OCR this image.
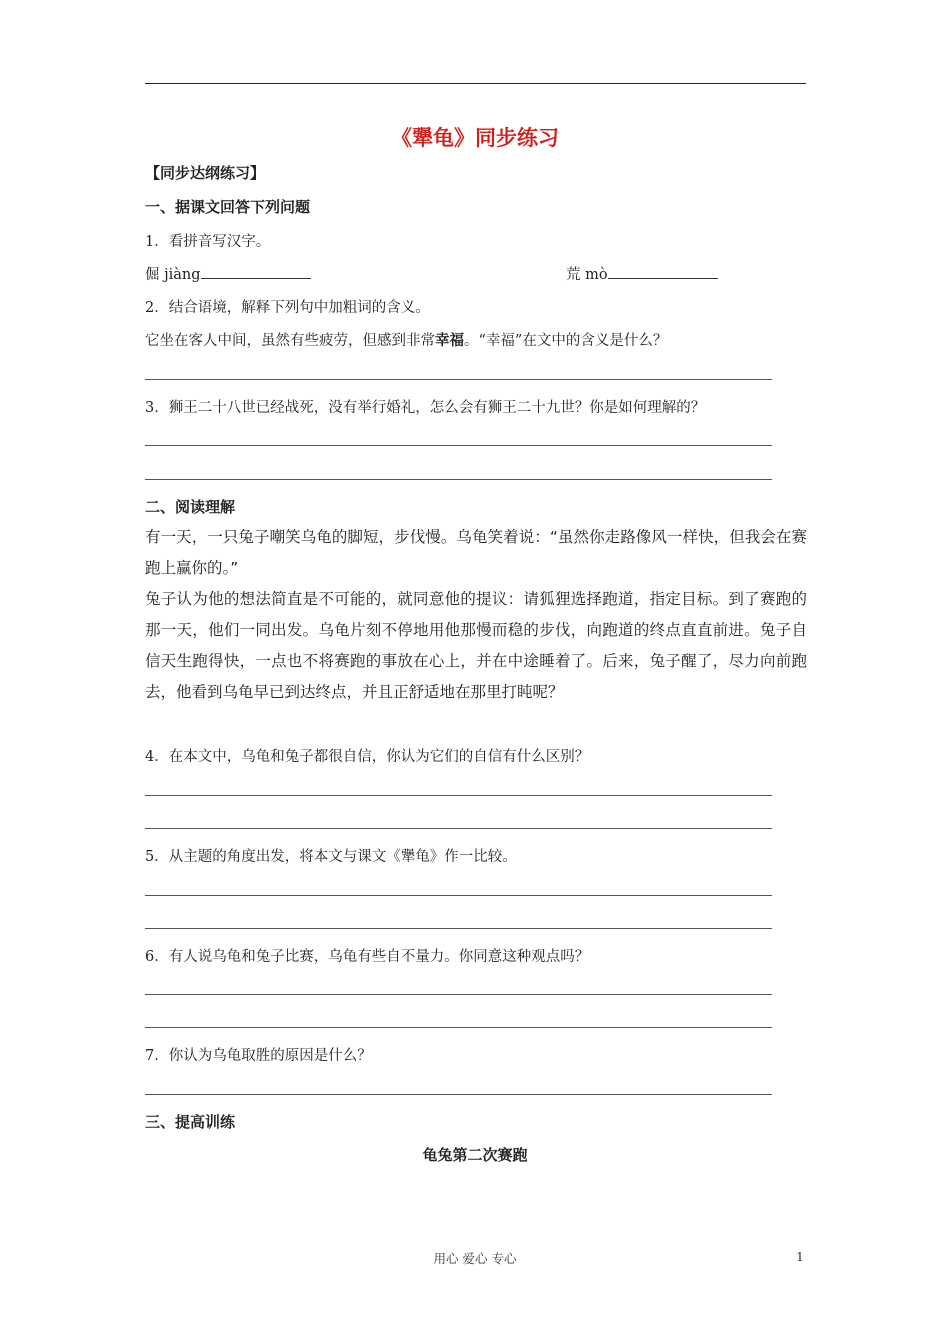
《犟龟》同步练习
【同步达纲练习】
一、据课文回答下列问题
1．看拼音写汉字。
倔 jiàng	荒 mò
2．结合语境，解释下列句中加粗词的含义。
它坐在客人中间，虽然有些疲劳，但感到非常幸福。“幸福”在文中的含义是什么？
3．狮王二十八世已经战死，没有举行婚礼，怎么会有狮王二十九世？你是如何理解的？
二、阅读理解

有一天，一只兔子嘲笑乌龟的脚短，步伐慢。乌龟笑着说：“虽然你走路像风一样快，但我会在赛跑上赢你的。”

兔子认为他的想法简直是不可能的，就同意他的提议：请狐狸选择跑道，指定目标。到了赛跑的那一天，他们一同出发。乌龟片刻不停地用他那慢而稳的步伐，向跑道的终点直直前进。兔子自信天生跑得快，一点也不将赛跑的事放在心上，并在中途睡着了。后来，兔子醒了，尽力向前跑去，他看到乌龟早已到达终点，并且正舒适地在那里打盹呢？

4．在本文中，乌龟和兔子都很自信，你认为它们的自信有什么区别？
5．从主题的角度出发，将本文与课文《犟龟》作一比较。
6．有人说乌龟和兔子比赛，乌龟有些自不量力。你同意这种观点吗？
7．你认为乌龟取胜的原因是什么？
三、提高训练
龟兔第二次赛跑
用心 爱心 专心	1
